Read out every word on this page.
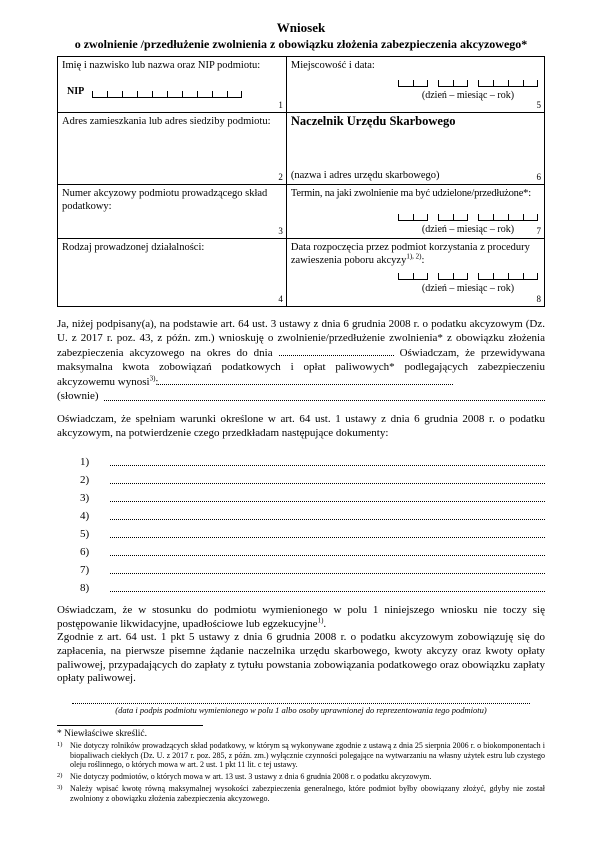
Wniosek
o zwolnienie /przedłużenie zwolnienia z obowiązku złożenia zabezpieczenia akcyzowego*
Imię i nazwisko lub nazwa oraz NIP podmiotu:
NIP
1

Miejscowość i data:
(dzień – miesiąc – rok)
5

Adres zamieszkania lub adres siedziby podmiotu:
2

Naczelnik Urzędu Skarbowego
(nazwa i adres urzędu skarbowego)	6

Numer akcyzowy podmiotu prowadzącego skład podatkowy:
3

Termin, na jaki zwolnienie ma być udzielone/przedłużone*:
(dzień – miesiąc – rok)	7

Rodzaj prowadzonej działalności:
4

Data rozpoczęcia przez podmiot korzystania z procedury zawieszenia poboru akcyzy$^{1), 2)}$:
(dzień – miesiąc – rok)
8

Ja, niżej podpisany(a), na podstawie art. 64 ust. 3 ustawy z dnia 6 grudnia 2008 r. o podatku akcyzowym (Dz. U. z 2017 r. poz. 43, z późn. zm.) wnioskuję o zwolnienie/przedłużenie zwolnienia* z obowiązku złożenia zabezpieczenia akcyzowego na okres do dnia	Oświadczam, że przewidywana maksymalna kwota zobowiązań podatkowych i opłat paliwowych* podlegających zabezpieczeniu akcyzowemu wynosi$^{3)}$:

(słownie)

Oświadczam, że spełniam warunki określone w art. 64 ust. 1 ustawy z dnia 6 grudnia 2008 r. o podatku akcyzowym, na potwierdzenie czego przedkładam następujące dokumenty:

1)
2)
3)
4)
5)
6)
7)
8)
Oświadczam, że w stosunku do podmiotu wymienionego w polu 1 niniejszego wniosku nie toczy się postępowanie likwidacyjne, upadłościowe lub egzekucyjne$^{1)}$.
Zgodnie z art. 64 ust. 1 pkt 5 ustawy z dnia 6 grudnia 2008 r. o podatku akcyzowym zobowiązuję się do zapłacenia, na pierwsze pisemne żądanie naczelnika urzędu skarbowego, kwoty akcyzy oraz kwoty opłaty paliwowej, przypadających do zapłaty z tytułu powstania zobowiązania podatkowego oraz obowiązku zapłaty opłaty paliwowej.
(data i podpis podmiotu wymienionego w polu 1 albo osoby uprawnionej do reprezentowania tego podmiotu)
* Niewłaściwe skreślić.
1) Nie dotyczy rolników prowadzących skład podatkowy, w którym są wykonywane zgodnie z ustawą z dnia 25 sierpnia 2006 r. o biokomponentach i biopaliwach ciekłych (Dz. U. z 2017 r. poz. 285, z późn. zm.) wyłącznie czynności polegające na wytwarzaniu na własny użytek estru lub czystego oleju roślinnego, o których mowa w art. 2 ust. 1 pkt 11 lit. c tej ustawy.
2) Nie dotyczy podmiotów, o których mowa w art. 13 ust. 3 ustawy z dnia 6 grudnia 2008 r. o podatku akcyzowym.
3) Należy wpisać kwotę równą maksymalnej wysokości zabezpieczenia generalnego, które podmiot byłby obowiązany złożyć, gdyby nie został zwolniony z obowiązku złożenia zabezpieczenia akcyzowego.
